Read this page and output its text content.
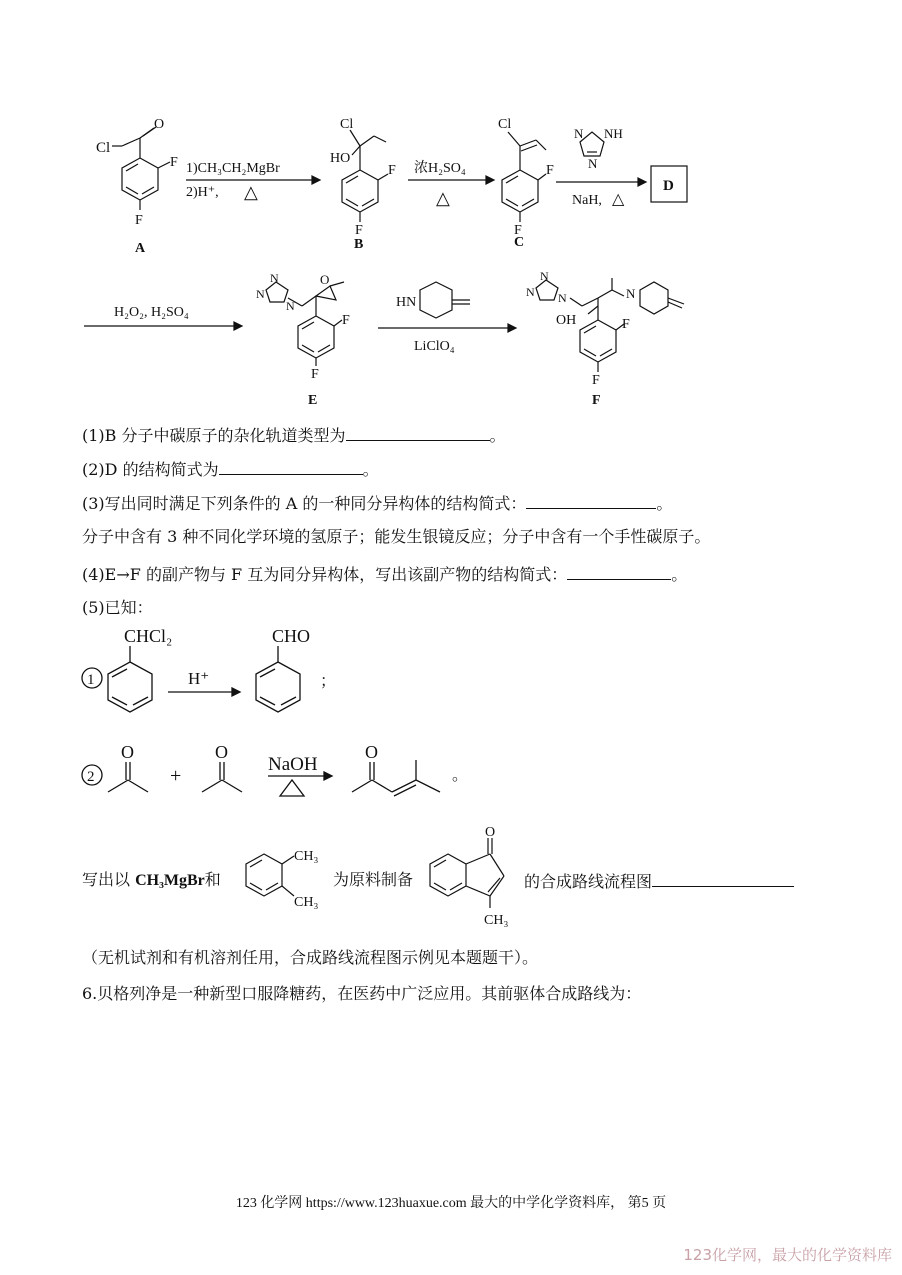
Cl
O
F
F
A
1)CH₃CH₂MgBr
2)H⁺, △
Cl
HO
F
F
B
浓H₂SO₄
△
Cl
F
F
C
N NH
N
NaH, △
D
H₂O₂, H₂SO₄
N
N
N
O
F
F
E
HN
LiClO₄
N
N
N	N
OH	F
F
F
(1)B 分子中碳原子的杂化轨道类型为	。
(2)D 的结构简式为	。
(3)写出同时满足下列条件的 A 的一种同分异构体的结构简式：	。
分子中含有 3 种不同化学环境的氢原子；能发生银镜反应；分子中含有一个手性碳原子。
(4)E→F 的副产物与 F 互为同分异构体，写出该副产物的结构简式：	。
(5)已知：
1
CHCl₂
H⁺
CHO
；
2
O
+
O
NaOH
O
。
写出以 CH₃MgBr和
CH₃
CH₃
为原料制备
O
CH₃
的合成路线流程图
（无机试剂和有机溶剂任用，合成路线流程图示例见本题题干）。
6.贝格列净是一种新型口服降糖药，在医药中广泛应用。其前驱体合成路线为：
123 化学网 https://www.123huaxue.com 最大的中学化学资料库， 第5 页
123化学网，最大的化学资料库
